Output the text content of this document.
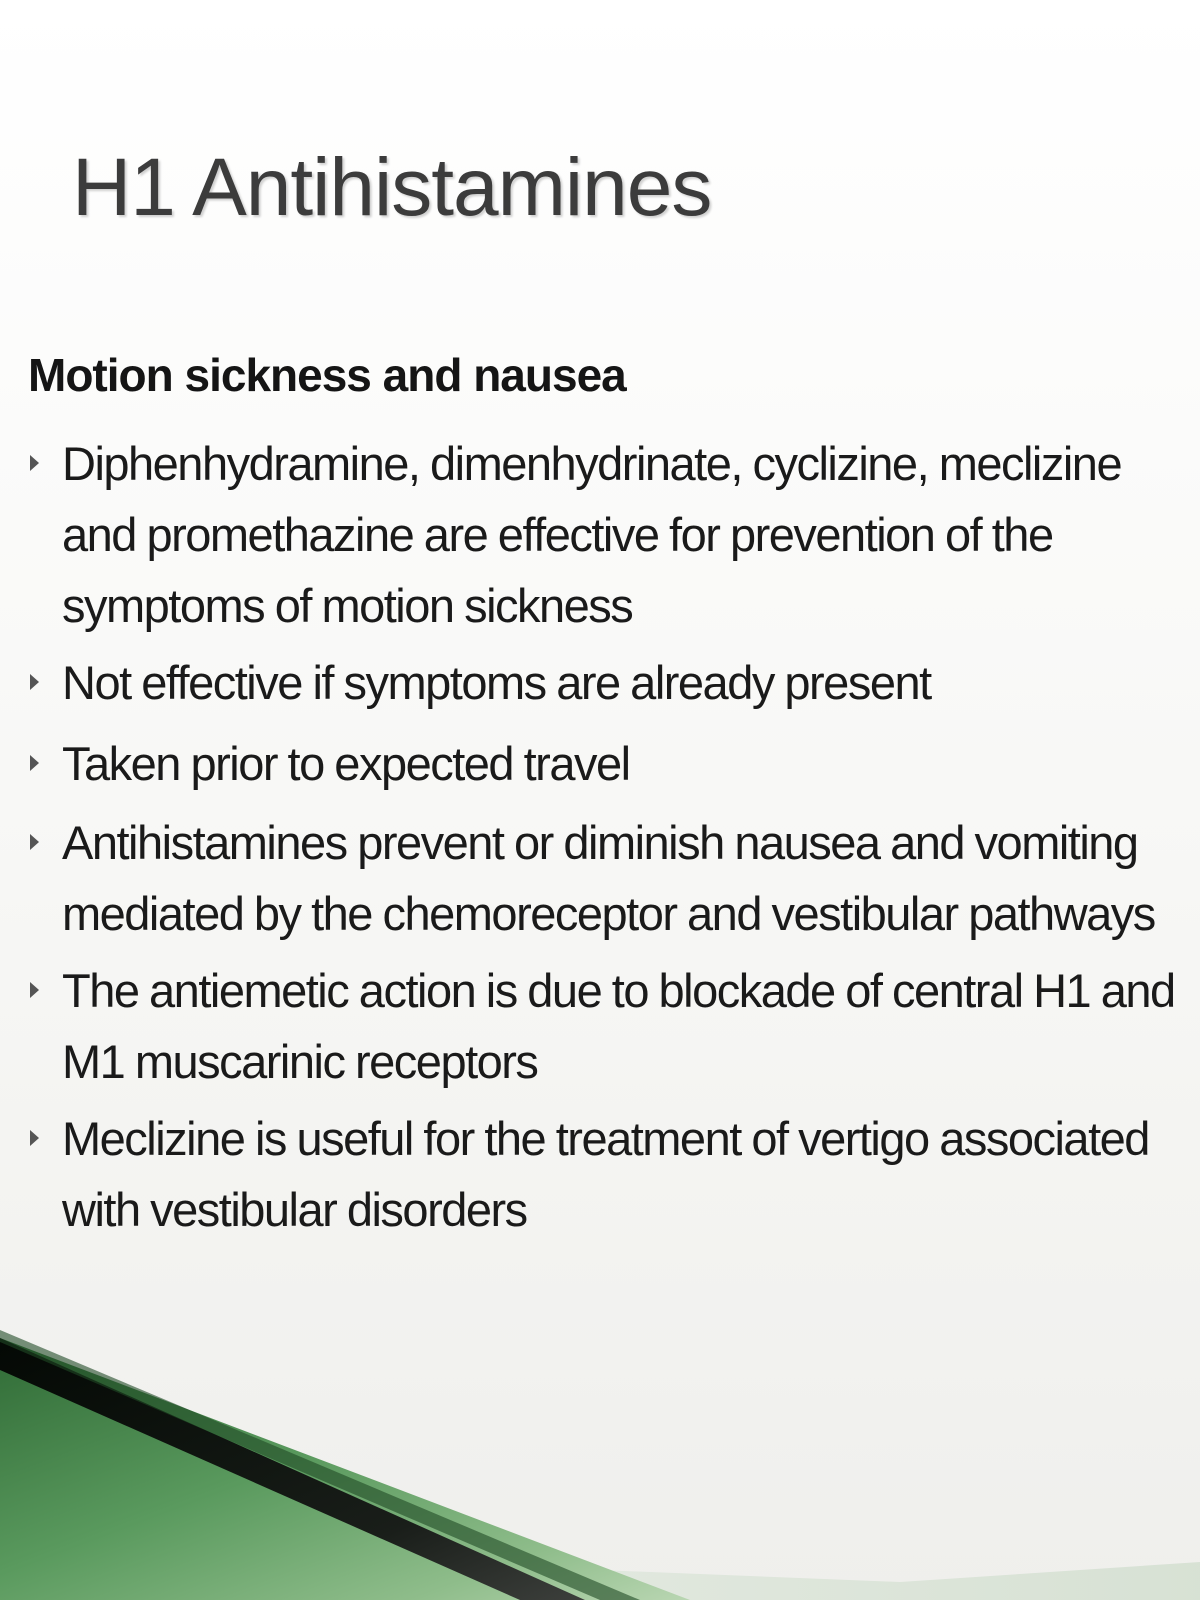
H1 Antihistamines
Motion sickness and nausea
Diphenhydramine, dimenhydrinate, cyclizine, meclizine and promethazine are effective for prevention of the symptoms of motion sickness
Not effective if symptoms are already present
Taken prior to expected travel
Antihistamines prevent or diminish nausea and vomiting mediated by the chemoreceptor and vestibular pathways
The antiemetic action is due to blockade of central H1 and M1 muscarinic receptors
Meclizine is useful for the treatment of vertigo associated with vestibular disorders
